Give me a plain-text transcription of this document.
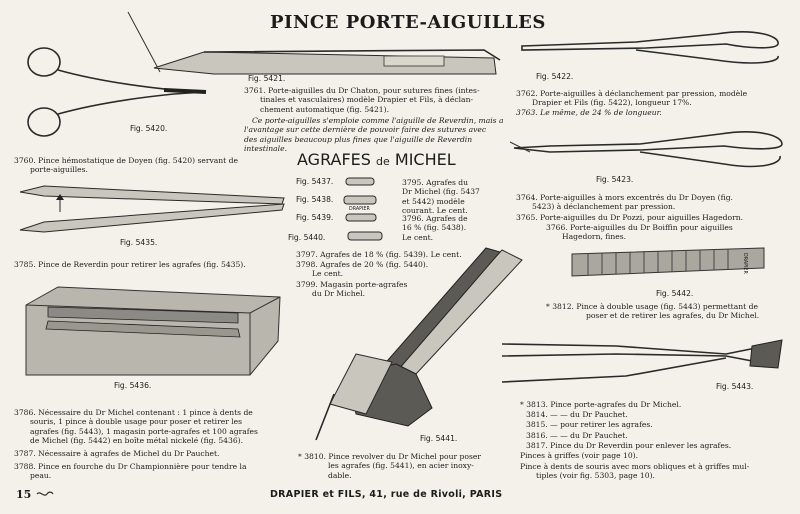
PINCE PORTE-AIGUILLES
AGRAFES de MICHEL
Fig. 5420.
Fig. 5421.
3761. Porte-aiguilles du Dr Chaton, pour sutures fines (intes-
tinales et vasculaires) modèle Drapier et Fils, à déclan-
chement automatique (fig. 5421).
Ce porte-aiguilles s'emploie comme l'aiguille de Reverdin, mais a
l'avantage sur cette dernière de pouvoir faire des sutures avec
des aiguilles beaucoup plus fines que l'aiguille de Reverdin
intestinale.
3760. Pince hémostatique de Doyen (fig. 5420) servant de
porte-aiguilles.
Fig. 5435.
3785. Pince de Reverdin pour retirer les agrafes (fig. 5435).
Fig. 5436.
3786. Nécessaire du Dr Michel contenant : 1 pince à dents de
souris, 1 pince à double usage pour poser et retirer les
agrafes (fig. 5443), 1 magasin porte-agrafes et 100 agrafes
de Michel (fig. 5442) en boîte métal nickelé (fig. 5436).
3787. Nécessaire à agrafes de Michel du Dr Pauchet.
3788. Pince en fourche du Dr Championnière pour tendre la
peau.
Fig. 5437.
Fig. 5438.
Fig. 5439.
Fig. 5440.
DRAPIER
3795. Agrafes du
Dr Michel (fig. 5437
et 5442) modèle
courant. Le cent.
3796. Agrafes de
16 % (fig. 5438).
Le cent.
3797. Agrafes de 18 % (fig. 5439). Le cent.
3798. Agrafes de 20 % (fig. 5440).
Le cent.
3799. Magasin porte-agrafes
du Dr Michel.
Fig. 5441.
* 3810. Pince revolver du Dr Michel pour poser
les agrafes (fig. 5441), en acier inoxy-
dable.
Fig. 5422.
3762. Porte-aiguilles à déclanchement par pression, modèle
Drapier et Fils (fig. 5422), longueur 17%.
3763. Le même, de 24 % de longueur.
Fig. 5423.
3764. Porte-aiguilles à mors excentrés du Dr Doyen (fig.
5423) à déclanchement par pression.
3765. Porte-aiguilles du Dr Pozzi, pour aiguilles Hagedorn.
3766. Porte-aiguilles du Dr Boiffin pour aiguilles
Hagedorn, fines.
DRAPIER
Fig. 5442.
* 3812. Pince à double usage (fig. 5443) permettant de
poser et de retirer les agrafes, du Dr Michel.
Fig. 5443.
* 3813. Pince porte-agrafes du Dr Michel.
3814. — — du Dr Pauchet.
3815. — pour retirer les agrafes.
3816. — — du Dr Pauchet.
3817. Pince du Dr Reverdin pour enlever les agrafes.
Pinces à griffes (voir page 10).
Pince à dents de souris avec mors obliques et à griffes mul-
tiples (voir fig. 5303, page 10).
15	DRAPIER et FILS, 41, rue de Rivoli, PARIS
